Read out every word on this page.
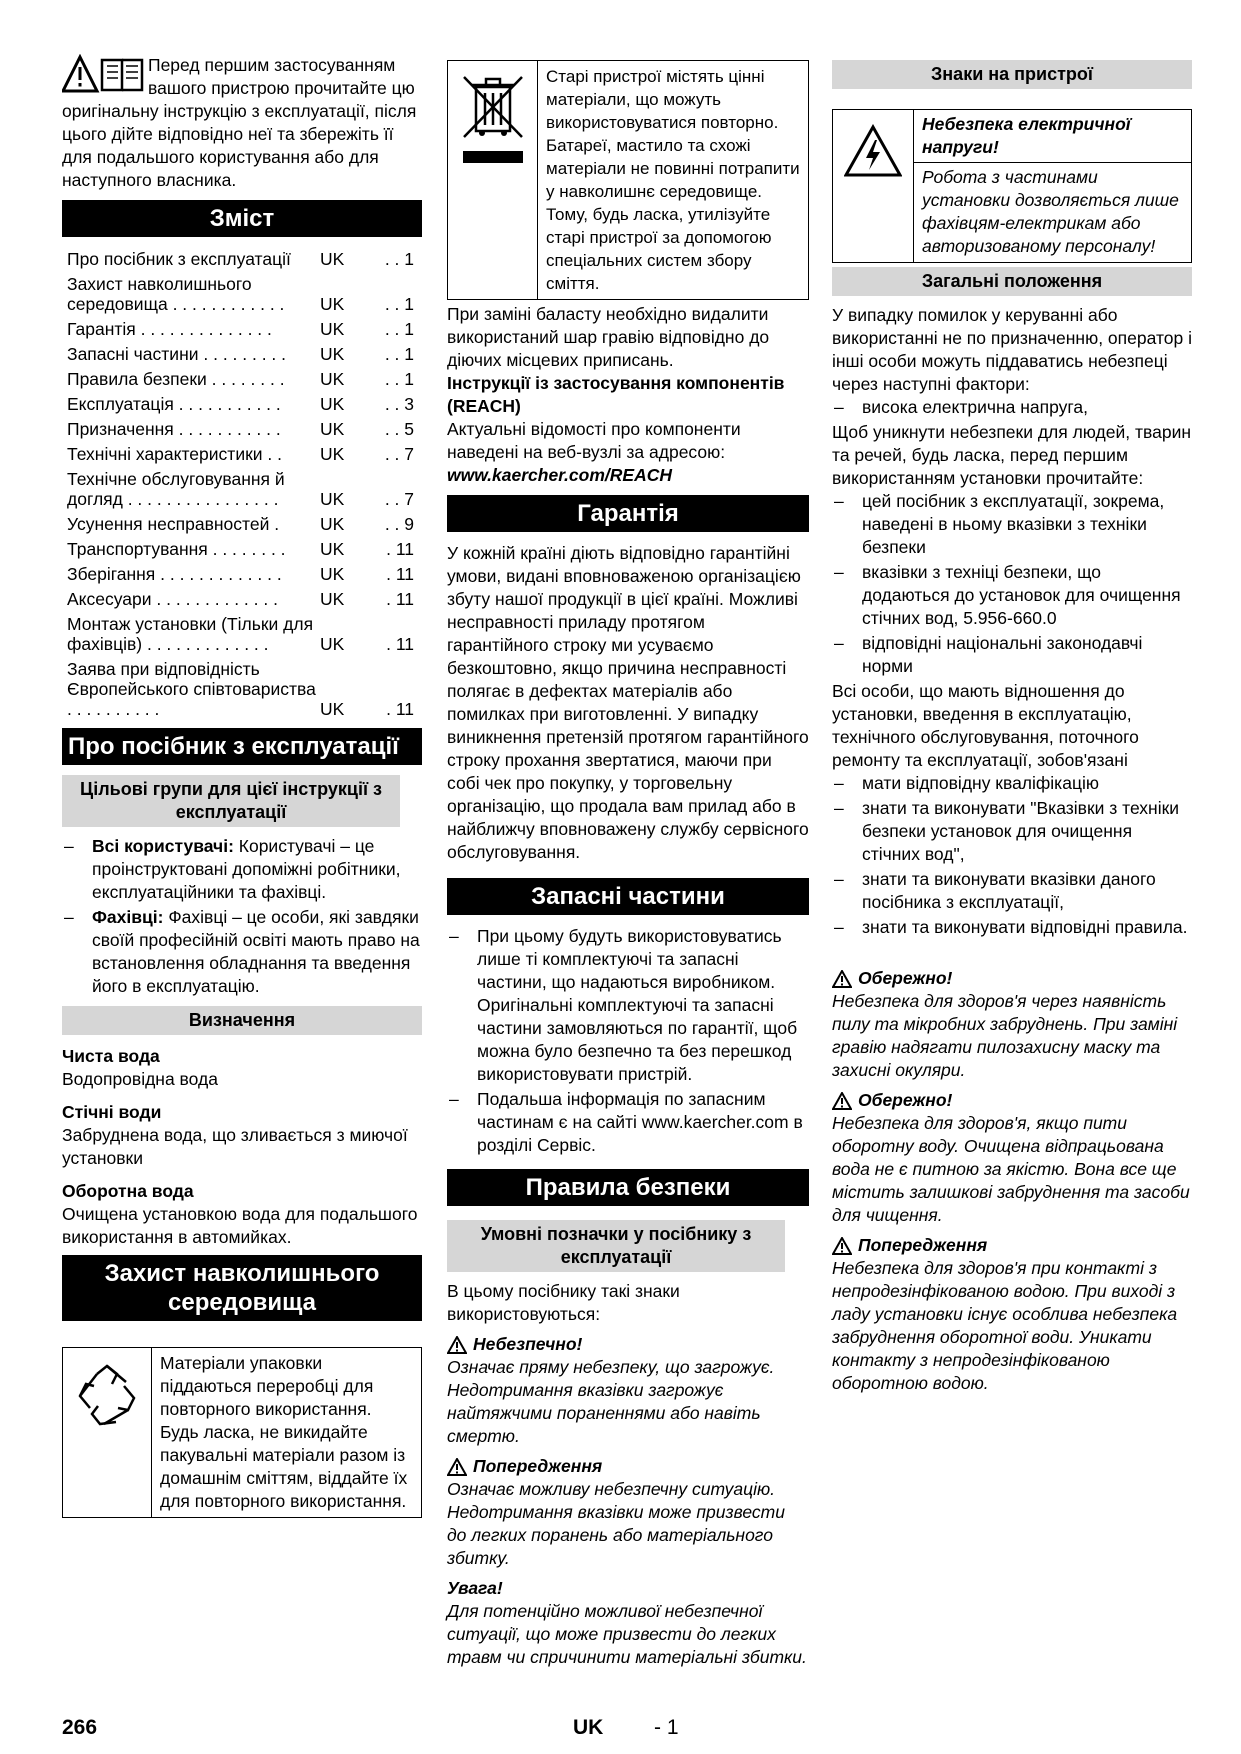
Перед першим застосуванням вашого пристрою прочитайте цю оригінальну інструкцію з експлуатації, після цього дійте відповідно неї та збережіть її для подальшого користування або для наступного власника.

Зміст
Про посібник з експлуатації	UK	. . 1
Захист навколишнього середовища . . . . . . . . . . . .	UK	. . 1
Гарантія . . . . . . . . . . . . . .	UK	. . 1
Запасні частини . . . . . . . . .	UK	. . 1
Правила безпеки . . . . . . . .	UK	. . 1
Експлуатація . . . . . . . . . . .	UK	. . 3
Призначення . . . . . . . . . . .	UK	. . 5
Технічні характеристики . .	UK	. . 7
Технічне обслуговування й догляд . . . . . . . . . . . . . . . .	UK	. . 7
Усунення несправностей .	UK	. . 9
Транспортування . . . . . . . .	UK	. 11
Зберігання . . . . . . . . . . . . .	UK	. 11
Аксесуари . . . . . . . . . . . . .	UK	. 11
Монтаж установки (Тільки для фахівців) . . . . . . . . . . . . .	UK	. 11
Заява при відповідність Європейського співтовариства . . . . . . . . . .	UK	. 11
Про посібник з експлуатації
Цільові групи для цієї інструкції з експлуатації
– Всі користувачі: Користувачі – це проінструктовані допоміжні робітники, експлуатаційники та фахівці.
– Фахівці: Фахівці – це особи, які завдяки своїй професійній освіті мають право на встановлення обладнання та введення його в експлуатацію.
Визначення
Чиста вода

Водопровідна вода

Стічні води

Забруднена вода, що зливається з миючої установки

Оборотна вода

Очищена установкою вода для подальшого використання в автомийках.

Захист навколишнього середовища

Матеріали упаковки піддаються переробці для повторного використання. Будь ласка, не викидайте пакувальні матеріали разом із домашнім сміттям, віддайте їх для повторного використання.

Старі пристрої містять цінні матеріали, що можуть використовуватися повторно. Батареї, мастило та схожі матеріали не повинні потрапити у навколишнє середовище. Тому, будь ласка, утилізуйте старі пристрої за допомогою спеціальних систем збору сміття.

При заміні баласту необхідно видалити використаний шар гравію відповідно до діючих місцевих приписань.

Інструкції із застосування компонентів (REACH)

Актуальні відомості про компоненти наведені на веб-вузлі за адресою:

www.kaercher.com/REACH

Гарантія

У кожній країні діють відповідно гарантійні умови, видані вповноваженою організацією збуту нашої продукції в цієї країні. Можливі несправності приладу протягом гарантійного строку ми усуваємо безкоштовно, якщо причина несправності полягає в дефектах матеріалів або помилках при виготовленні. У випадку виникнення претензій протягом гарантійного строку прохання звертатися, маючи при собі чек про покупку, у торговельну організацію, що продала вам прилад або в найближчу вповноважену службу сервісного обслуговування.

Запасні частини
– При цьому будуть використовуватись лише ті комплектуючі та запасні частини, що надаються виробником. Оригінальні комплектуючі та запасні частини замовляються по гарантії, щоб можна було безпечно та без перешкод використовувати пристрій.
– Подальша інформація по запасним частинам є на сайті www.kaercher.com в розділі Сервіс.
Правила безпеки
Умовні позначки у посібнику з експлуатації

В цьому посібнику такі знаки використовуються:

Небезпечно!

Означає пряму небезпеку, що загрожує. Недотримання вказівки загрожує найтяжчими пораненнями або навіть смертю.

Попередження

Означає можливу небезпечну ситуацію. Недотримання вказівки може призвести до легких поранень або матеріального збитку.

Увага!

Для потенційно можливої небезпечної ситуації, що може призвести до легких травм чи спричинити матеріальні збитки.

Знаки на пристрої

Небезпека електричної напруги!

Робота з частинами установки дозволяється лише фахівцям-електрикам або авторизованому персоналу!

Загальні положення

У випадку помилок у керуванні або використанні не по призначенню, оператор і інші особи можуть піддаватись небезпеці через наступні фактори:

– висока електрична напруга,

Щоб уникнути небезпеки для людей, тварин та речей, будь ласка, перед першим використанням установки прочитайте:

– цей посібник з експлуатації, зокрема, наведені в ньому вказівки з техніки безпеки
– вказівки з техніці безпеки, що додаються до установок для очищення стічних вод, 5.956-660.0
– відповідні національні законодавчі норми

Всі особи, що мають відношення до установки, введення в експлуатацію, технічного обслуговування, поточного ремонту та експлуатації, зобов'язані

– мати відповідну кваліфікацію
– знати та виконувати "Вказівки з техніки безпеки установок для очищення стічних вод",
– знати та виконувати вказівки даного посібника з експлуатації,
– знати та виконувати відповідні правила.
Обережно!

Небезпека для здоров'я через наявність пилу та мікробних забруднень. При заміні гравію надягати пилозахисну маску та захисні окуляри.

Обережно!

Небезпека для здоров'я, якщо пити оборотну воду. Очищена відпрацьована вода не є питною за якістю. Вона все ще містить залишкові забруднення та засоби для чищення.

Попередження

Небезпека для здоров'я при контакті з непродезінфікованою водою. При виході з ладу установки існує особлива небезпека забруднення оборотної води. Уникати контакту з непродезінфікованою оборотною водою.

266	UK - 1
